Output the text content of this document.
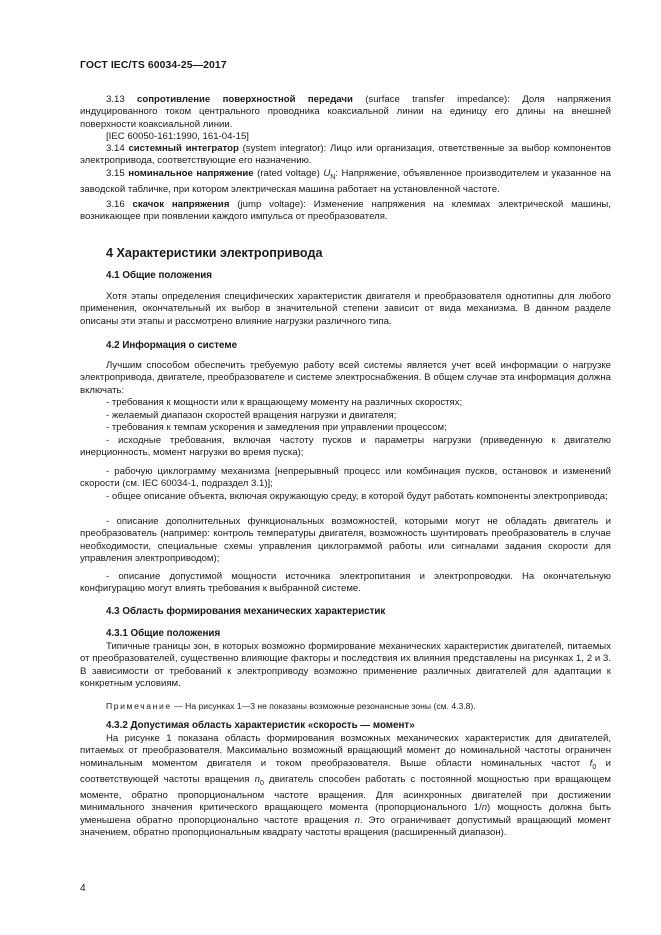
ГОСТ IEC/TS 60034-25—2017

3.13 сопротивление поверхностной передачи (surface transfer impedance): Доля напряжения индуцированного током центрального проводника коаксиальной линии на единицу его длины на внешней поверхности коаксиальной линии.

[IEC 60050-161:1990, 161-04-15]

3.14 системный интегратор (system integrator): Лицо или организация, ответственные за выбор компонентов электропривода, соответствующие его назначению.

3.15 номинальное напряжение (rated voltage) $U_N$: Напряжение, объявленное производителем и указанное на заводской табличке, при котором электрическая машина работает на установленной частоте.

3.16 скачок напряжения (jump voltage): Изменение напряжения на клеммах электрической машины, возникающее при появлении каждого импульса от преобразователя.

4 Характеристики электропривода
4.1 Общие положения

Хотя этапы определения специфических характеристик двигателя и преобразователя однотипны для любого применения, окончательный их выбор в значительной степени зависит от вида механизма. В данном разделе описаны эти этапы и рассмотрено влияние нагрузки различного типа.

4.2 Информация о системе

Лучшим способом обеспечить требуемую работу всей системы является учет всей информации о нагрузке электропривода, двигателе, преобразователе и системе электроснабжения. В общем случае эта информация должна включать:

- требования к мощности или к вращающему моменту на различных скоростях;

- желаемый диапазон скоростей вращения нагрузки и двигателя;

- требования к темпам ускорения и замедления при управлении процессом;

- исходные требования, включая частоту пусков и параметры нагрузки (приведенную к двигателю инерционность, момент нагрузки во время пуска);

- рабочую циклограмму механизма [непрерывный процесс или комбинация пусков, остановок и изменений скорости (см. IEC 60034-1, подраздел 3.1)];

- общее описание объекта, включая окружающую среду, в которой будут работать компоненты электропривода;

- описание дополнительных функциональных возможностей, которыми могут не обладать двигатель и преобразователь (например: контроль температуры двигателя, возможность шунтировать преобразователь в случае необходимости, специальные схемы управления циклограммой работы или сигналами задания скорости для управления электроприводом);

- описание допустимой мощности источника электропитания и электропроводки. На окончательную конфигурацию могут влиять требования к выбранной системе.

4.3 Область формирования механических характеристик
4.3.1 Общие положения

Типичные границы зон, в которых возможно формирование механических характеристик двигателей, питаемых от преобразователей, существенно влияющие факторы и последствия их влияния представлены на рисунках 1, 2 и 3. В зависимости от требований к электроприводу возможно применение различных двигателей для адаптации к конкретным условиям.

Примечание — На рисунках 1—3 не показаны возможные резонансные зоны (см. 4.3.8).
4.3.2 Допустимая область характеристик «скорость — момент»

На рисунке 1 показана область формирования возможных механических характеристик для двигателей, питаемых от преобразователя. Максимально возможный вращающий момент до номинальной частоты ограничен номинальным моментом двигателя и током преобразователя. Выше области номинальных частот $f_0$ и соответствующей частоты вращения $n_0$ двигатель способен работать с постоянной мощностью при вращающем моменте, обратно пропорциональном частоте вращения. Для асинхронных двигателей при достижении минимального значения критического вращающего момента (пропорционального 1/n) мощность должна быть уменьшена обратно пропорционально частоте вращения n. Это ограничивает допустимый вращающий момент значением, обратно пропорциональным квадрату частоты вращения (расширенный диапазон).

4
